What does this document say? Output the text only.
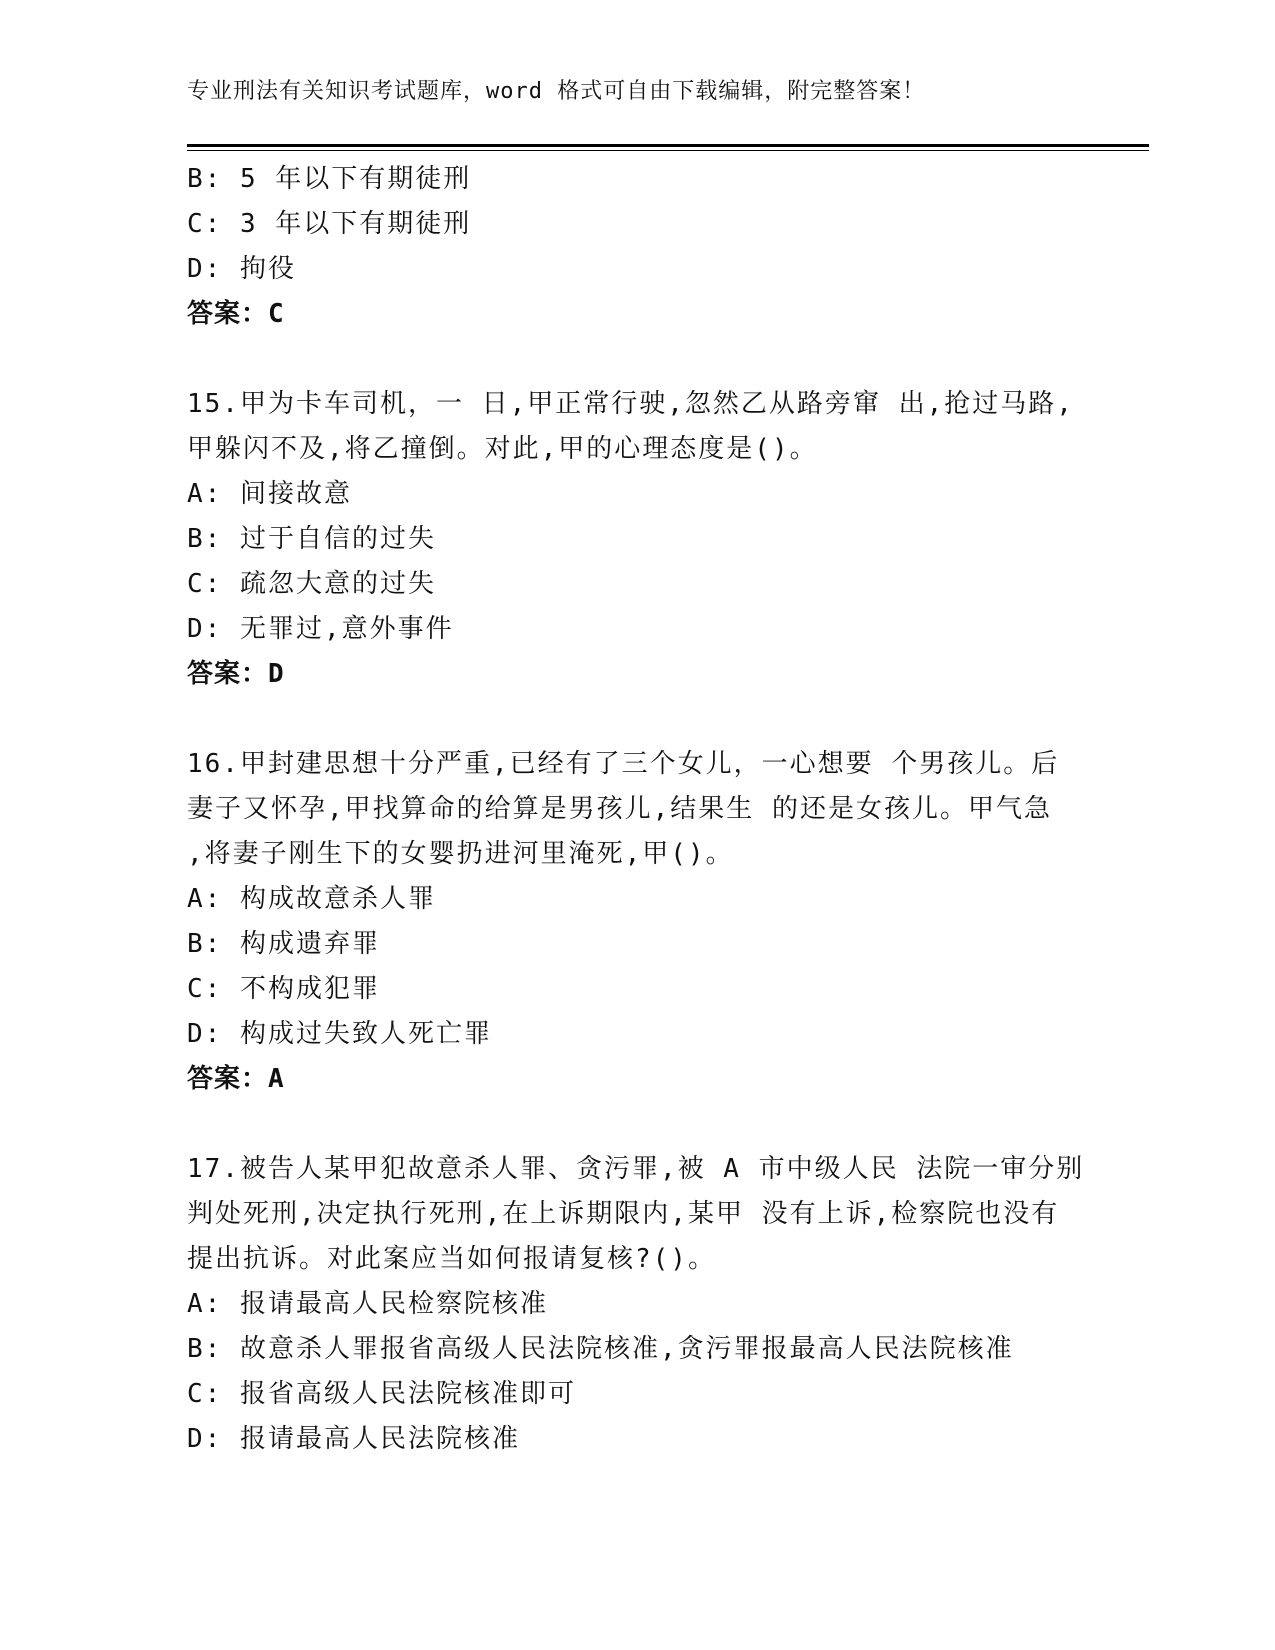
专业刑法有关知识考试题库，word 格式可自由下载编辑，附完整答案！
B: 5 年以下有期徒刑
C: 3 年以下有期徒刑
D: 拘役
答案：C
15.甲为卡车司机，一 日,甲正常行驶,忽然乙从路旁窜 出,抢过马路,
甲躲闪不及,将乙撞倒。对此,甲的心理态度是()。
A: 间接故意
B: 过于自信的过失
C: 疏忽大意的过失
D: 无罪过,意外事件
答案：D
16.甲封建思想十分严重,已经有了三个女儿，一心想要 个男孩儿。后
妻子又怀孕,甲找算命的给算是男孩儿,结果生 的还是女孩儿。甲气急
,将妻子刚生下的女婴扔进河里淹死,甲()。
A: 构成故意杀人罪
B: 构成遗弃罪
C: 不构成犯罪
D: 构成过失致人死亡罪
答案：A
17.被告人某甲犯故意杀人罪、贪污罪,被 A 市中级人民 法院一审分别
判处死刑,决定执行死刑,在上诉期限内,某甲 没有上诉,检察院也没有
提出抗诉。对此案应当如何报请复核?()。
A: 报请最高人民检察院核准
B: 故意杀人罪报省高级人民法院核准,贪污罪报最高人民法院核准
C: 报省高级人民法院核准即可
D: 报请最高人民法院核准
